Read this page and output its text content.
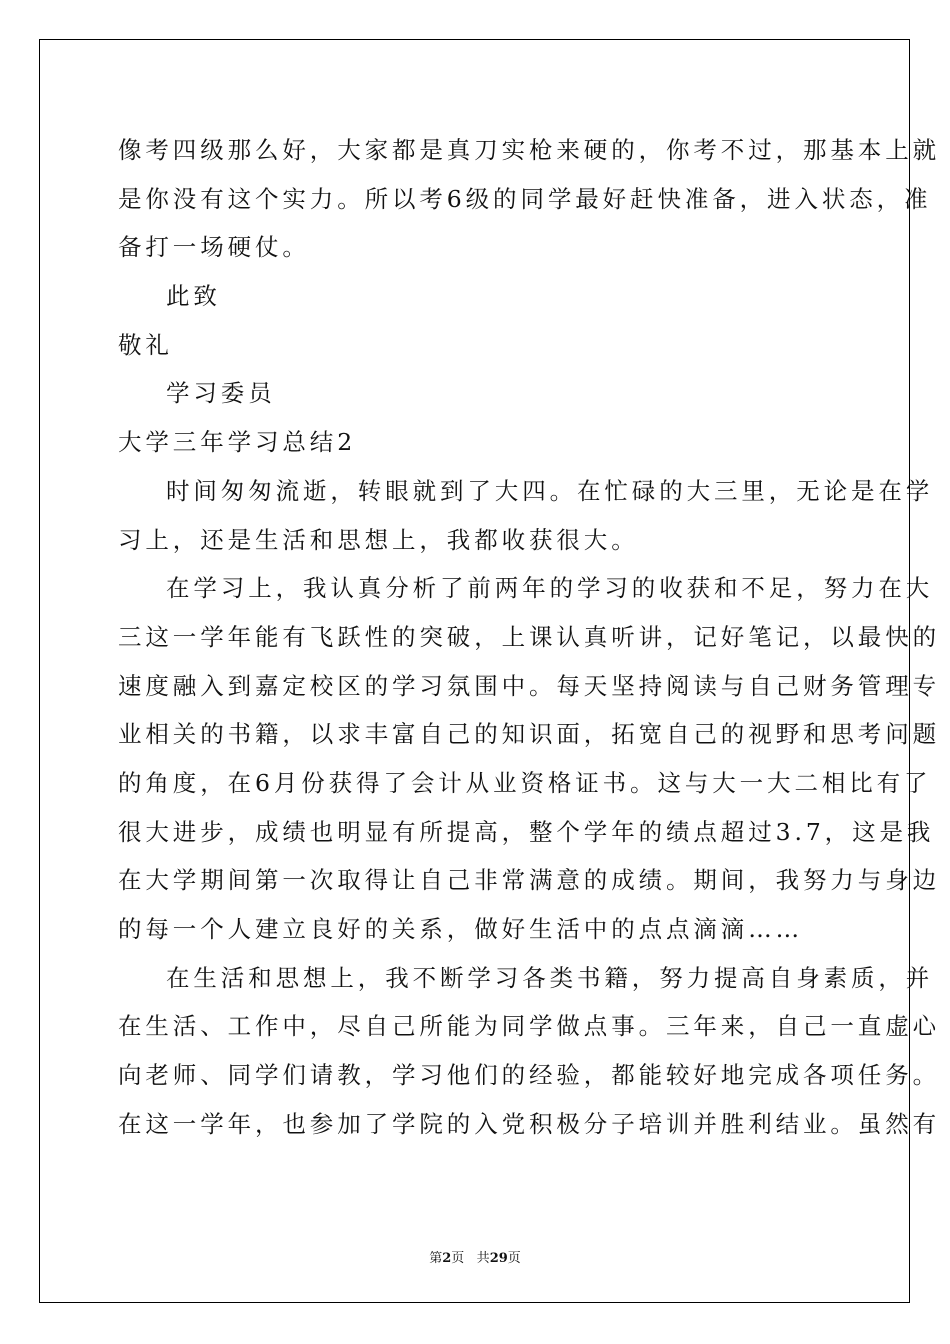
像考四级那么好，大家都是真刀实枪来硬的，你考不过，那基本上就
是你没有这个实力。所以考6级的同学最好赶快准备，进入状态，准
备打一场硬仗。
此致
敬礼
学习委员
大学三年学习总结2
时间匆匆流逝，转眼就到了大四。在忙碌的大三里，无论是在学
习上，还是生活和思想上，我都收获很大。
在学习上，我认真分析了前两年的学习的收获和不足，努力在大
三这一学年能有飞跃性的突破，上课认真听讲，记好笔记，以最快的
速度融入到嘉定校区的学习氛围中。每天坚持阅读与自己财务管理专
业相关的书籍，以求丰富自己的知识面，拓宽自己的视野和思考问题
的角度，在6月份获得了会计从业资格证书。这与大一大二相比有了
很大进步，成绩也明显有所提高，整个学年的绩点超过3.7，这是我
在大学期间第一次取得让自己非常满意的成绩。期间，我努力与身边
的每一个人建立良好的关系，做好生活中的点点滴滴……
在生活和思想上，我不断学习各类书籍，努力提高自身素质，并
在生活、工作中，尽自己所能为同学做点事。三年来，自己一直虚心
向老师、同学们请教，学习他们的经验，都能较好地完成各项任务。
在这一学年，也参加了学院的入党积极分子培训并胜利结业。虽然有
第2页 共29页
